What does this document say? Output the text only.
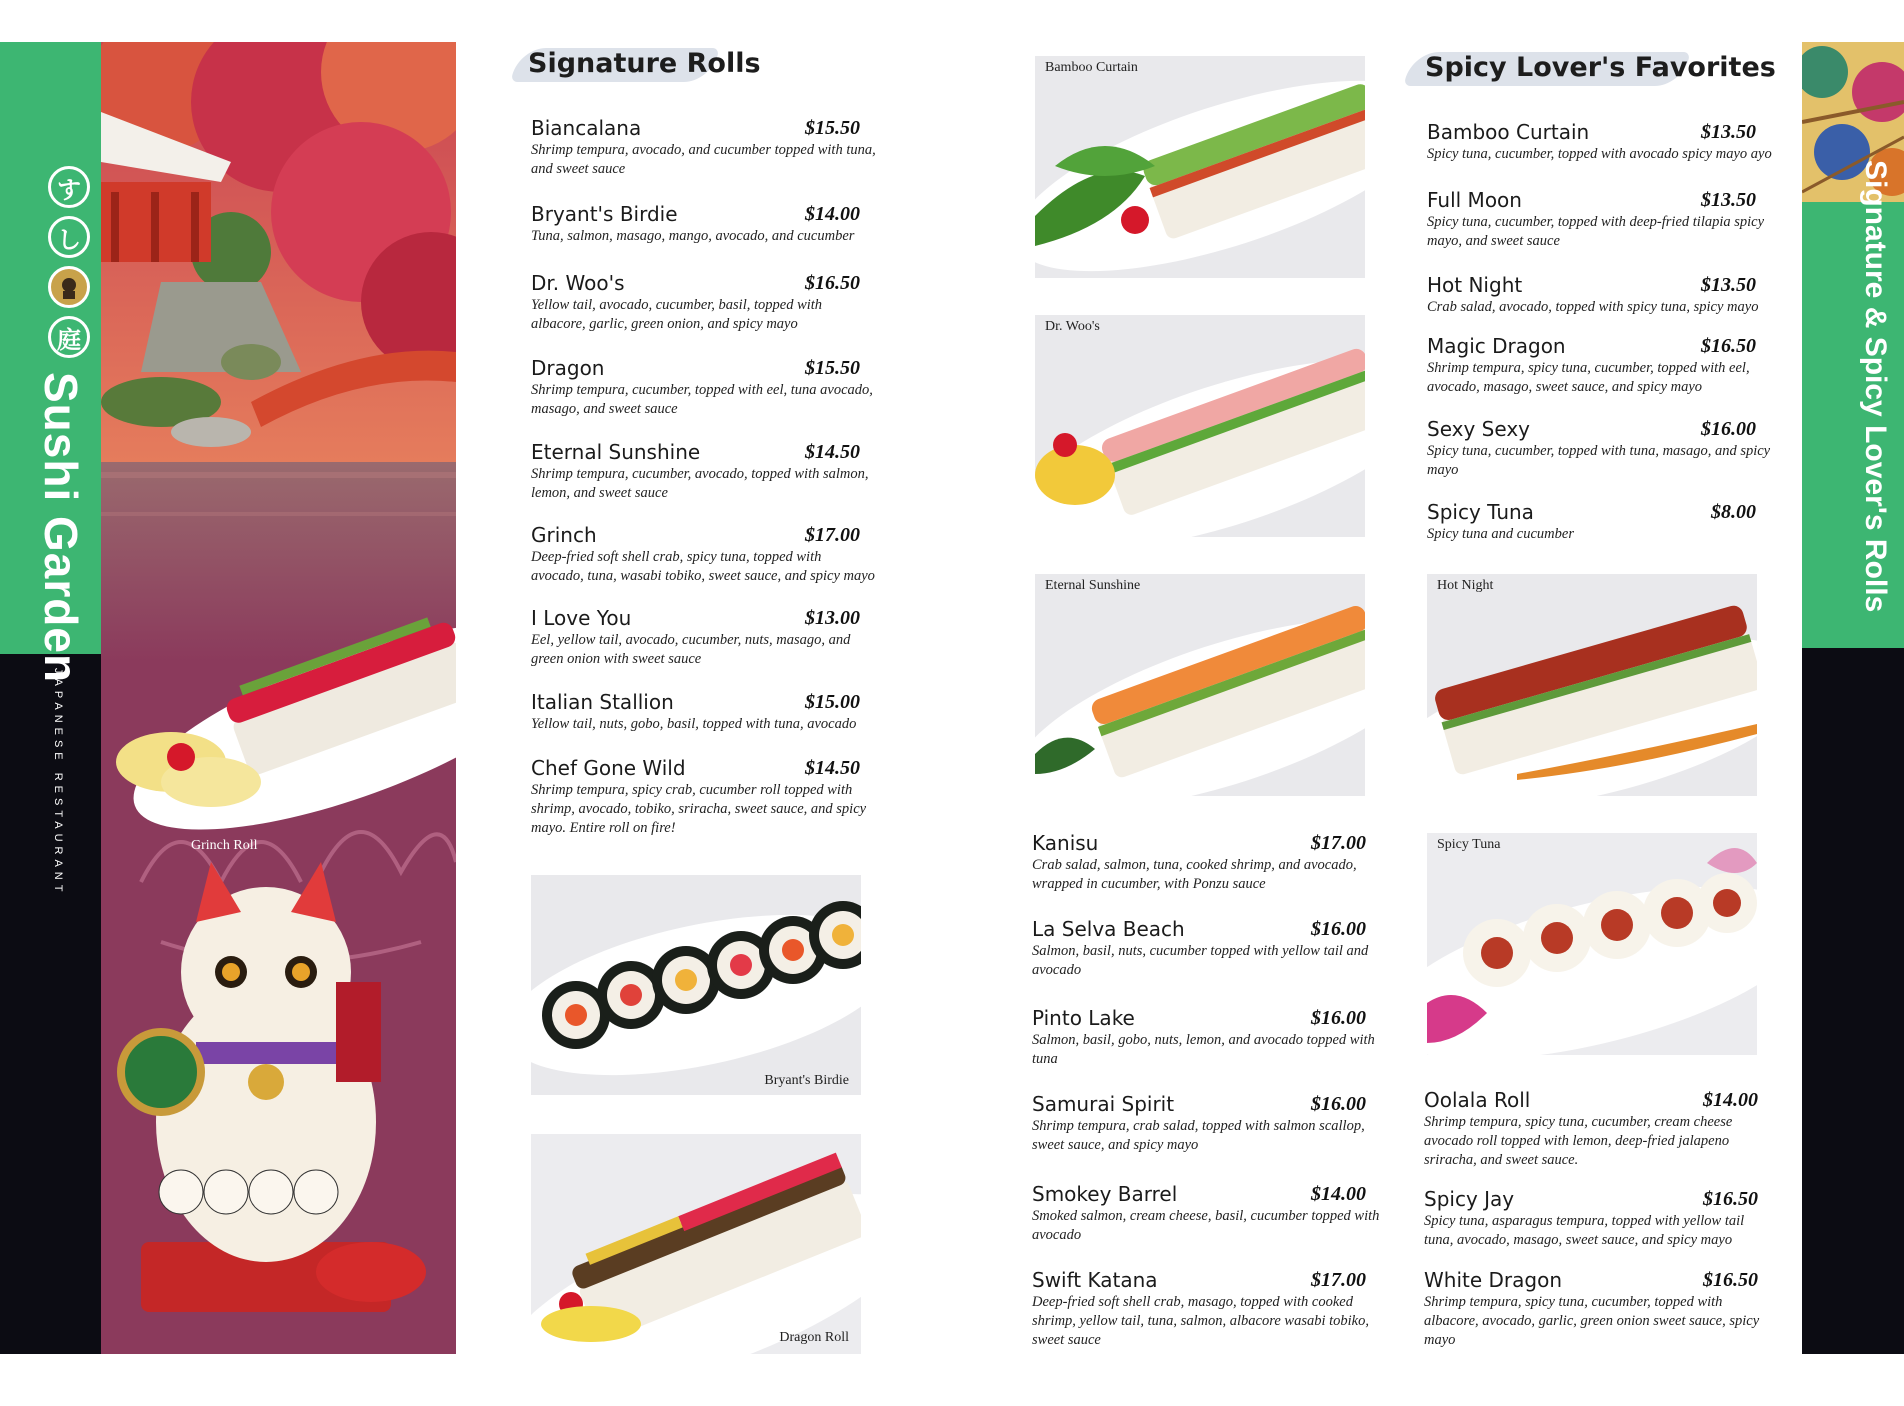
す
し
庭
Sushi Garden
JAPANESE RESTAURANT	Grinch Roll
Signature Rolls
Biancalana	$15.50
Shrimp tempura, avocado, and cucumber topped with tuna, and sweet sauce
Bryant's Birdie	$14.00
Tuna, salmon, masago, mango, avocado, and cucumber
Dr. Woo's	$16.50
Yellow tail, avocado, cucumber, basil, topped with albacore, garlic, green onion, and spicy mayo
Dragon	$15.50
Shrimp tempura, cucumber, topped with eel, tuna avocado, masago, and sweet sauce
Eternal Sunshine	$14.50
Shrimp tempura, cucumber, avocado, topped with salmon, lemon, and sweet sauce
Grinch	$17.00
Deep-fried soft shell crab, spicy tuna, topped with avocado, tuna, wasabi tobiko, sweet sauce, and spicy mayo
I Love You	$13.00
Eel, yellow tail, avocado, cucumber, nuts, masago, and green onion with sweet sauce
Italian Stallion	$15.00
Yellow tail, nuts, gobo, basil, topped with tuna, avocado
Chef Gone Wild	$14.50
Shrimp tempura, spicy crab, cucumber roll topped with shrimp, avocado, tobiko, sriracha, sweet sauce, and spicy mayo. Entire roll on fire!
Bryant's Birdie
Dragon Roll
Bamboo Curtain
Dr. Woo's
Eternal Sunshine
Kanisu	$17.00
Crab salad, salmon, tuna, cooked shrimp, and avocado, wrapped in cucumber, with Ponzu sauce
La Selva Beach	$16.00
Salmon, basil, nuts, cucumber topped with yellow tail and avocado
Pinto Lake	$16.00
Salmon, basil, gobo, nuts, lemon, and avocado topped with tuna
Samurai Spirit	$16.00
Shrimp tempura, crab salad, topped with salmon scallop, sweet sauce, and spicy mayo
Smokey Barrel	$14.00
Smoked salmon, cream cheese, basil, cucumber topped with avocado
Swift Katana	$17.00
Deep-fried soft shell crab, masago, topped with cooked shrimp, yellow tail, tuna, salmon, albacore wasabi tobiko, sweet sauce
Spicy Lover's Favorites
Bamboo Curtain	$13.50
Spicy tuna, cucumber, topped with avocado spicy mayo ayo
Full Moon	$13.50
Spicy tuna, cucumber, topped with deep-fried tilapia spicy mayo, and sweet sauce
Hot Night	$13.50
Crab salad, avocado, topped with spicy tuna, spicy mayo
Magic Dragon	$16.50
Shrimp tempura, spicy tuna, cucumber, topped with eel, avocado, masago, sweet sauce, and spicy mayo
Sexy Sexy	$16.00
Spicy tuna, cucumber, topped with tuna, masago, and spicy mayo
Spicy Tuna	$8.00
Spicy tuna and cucumber
Hot Night
Spicy Tuna
Oolala Roll	$14.00
Shrimp tempura, spicy tuna, cucumber, cream cheese avocado roll topped with lemon, deep-fried jalapeno sriracha, and sweet sauce.
Spicy Jay	$16.50
Spicy tuna, asparagus tempura, topped with yellow tail tuna, avocado, masago, sweet sauce, and spicy mayo
White Dragon	$16.50
Shrimp tempura, spicy tuna, cucumber, topped with albacore, avocado, garlic, green onion sweet sauce, spicy mayo
Signature & Spicy Lover's Rolls
